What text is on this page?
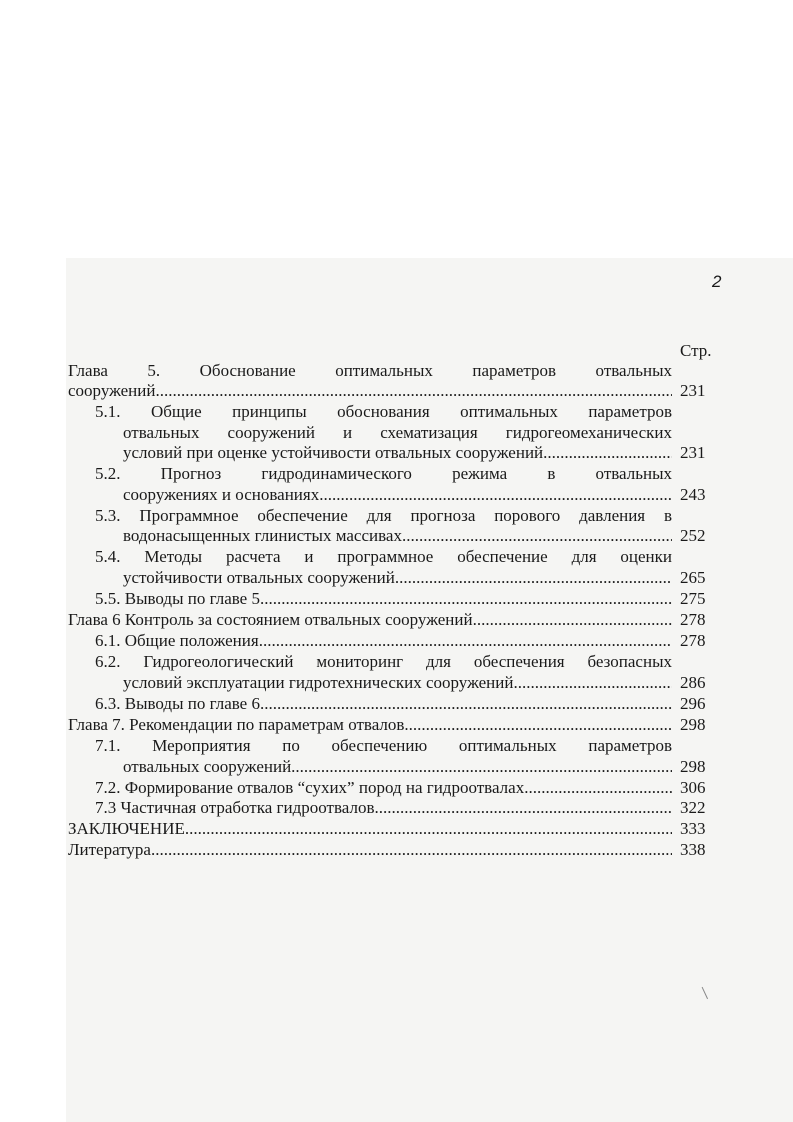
2
Стр.
Глава 5. Обоснование оптимальных параметров отвальных
сооружений .....	231
5.1. Общие принципы обоснования оптимальных параметров
отвальных сооружений и схематизация гидрогеомеханических
условий при оценке устойчивости отвальных сооружений .....	231
5.2. Прогноз гидродинамического режима в отвальных
сооружениях и основаниях .....	243
5.3. Программное обеспечение для прогноза порового давления в
водонасыщенных глинистых массивах .....	252
5.4. Методы расчета и программное обеспечение для оценки
устойчивости отвальных сооружений .....	265
5.5. Выводы по главе 5 .....	275
Глава 6 Контроль за состоянием отвальных сооружений .....	278
6.1. Общие положения .....	278
6.2. Гидрогеологический мониторинг для обеспечения безопасных
условий эксплуатации гидротехнических сооружений .....	286
6.3. Выводы по главе 6 .....	296
Глава 7. Рекомендации по параметрам отвалов .....	298
7.1. Мероприятия по обеспечению оптимальных параметров
отвальных сооружений .....	298
7.2. Формирование отвалов “сухих” пород на гидроотвалах .....	306
7.3 Частичная отработка гидроотвалов .....	322
ЗАКЛЮЧЕНИЕ .....	333
Литература .....	338
